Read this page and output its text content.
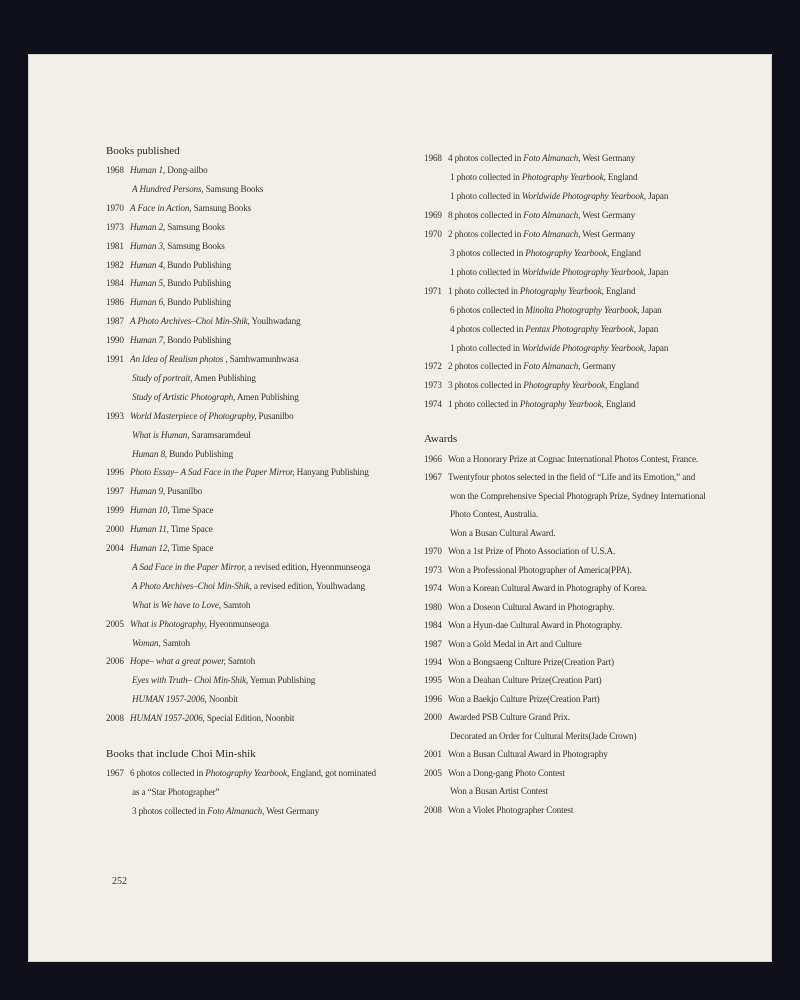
Books published
1968 Human 1, Dong-ailbo
A Hundred Persons, Samsung Books
1970 A Face in Action, Samsung Books
1973 Human 2, Samsung Books
1981 Human 3, Samsung Books
1982 Human 4, Bundo Publishing
1984 Human 5, Bundo Publishing
1986 Human 6, Bundo Publishing
1987 A Photo Archives–Choi Min-Shik, Youlhwadang
1990 Human 7, Bondo Publishing
1991 An Idea of Realism photos , Samhwamunhwasa
Study of portrait, Amen Publishing
Study of Artistic Photograph, Amen Publishing
1993 World Masterpiece of Photography, Pusanilbo
What is Human, Saramsaramdeul
Human 8, Bundo Publishing
1996 Photo Essay– A Sad Face in the Paper Mirror, Hanyang Publishing
1997 Human 9, Pusanilbo
1999 Human 10, Time Space
2000 Human 11, Time Space
2004 Human 12, Time Space
A Sad Face in the Paper Mirror, a revised edition, Hyeonmunseoga
A Photo Archives–Choi Min-Shik, a revised edition, Youlhwadang
What is We have to Love, Samtoh
2005 What is Photography, Hyeonmunseoga
Woman, Samtoh
2006 Hope– what a great power, Samtoh
Eyes with Truth– Choi Min-Shik, Yemun Publishing
HUMAN 1957-2006, Noonbit
2008 HUMAN 1957-2006, Special Edition, Noonbit
Books that include Choi Min-shik
1967 6 photos collected in Photography Yearbook, England, got nominated
as a “Star Photographer”
3 photos collected in Foto Almanach, West Germany
1968 4 photos collected in Foto Almanach, West Germany
1 photo collected in Photography Yearbook, England
1 photo collected in Worldwide Photography Yearbook, Japan
1969 8 photos collected in Foto Almanach, West Germany
1970 2 photos collected in Foto Almanach, West Germany
3 photos collected in Photography Yearbook, England
1 photo collected in Worldwide Photography Yearbook, Japan
1971 1 photo collected in Photography Yearbook, England
6 photos collected in Minolta Photography Yearbook, Japan
4 photos collected in Pentax Photography Yearbook, Japan
1 photo collected in Worldwide Photography Yearbook, Japan
1972 2 photos collected in Foto Almanach, Germany
1973 3 photos collected in Photography Yearbook, England
1974 1 photo collected in Photography Yearbook, England
Awards
1966 Won a Honorary Prize at Cognac International Photos Contest, France.
1967 Twentyfour photos selected in the field of “Life and its Emotion,” and
won the Comprehensive Special Photograph Prize, Sydney International
Photo Contest, Australia.
Won a Busan Cultural Award.
1970 Won a 1st Prize of Photo Association of U.S.A.
1973 Won a Professional Photographer of America(PPA).
1974 Won a Korean Cultural Award in Photography of Korea.
1980 Won a Doseon Cultural Award in Photography.
1984 Won a Hyun-dae Cultural Award in Photography.
1987 Won a Gold Medal in Art and Culture
1994 Won a Bongsaeng Culture Prize(Creation Part)
1995 Won a Deahan Culture Prize(Creation Part)
1996 Won a Baekjo Culture Prize(Creation Part)
2000 Awarded PSB Culture Grand Prix.
Decorated an Order for Cultural Merits(Jade Crown)
2001 Won a Busan Cultural Award in Photography
2005 Won a Dong-gang Photo Contest
Won a Busan Artist Contest
2008 Won a Violet Photographer Contest
252
